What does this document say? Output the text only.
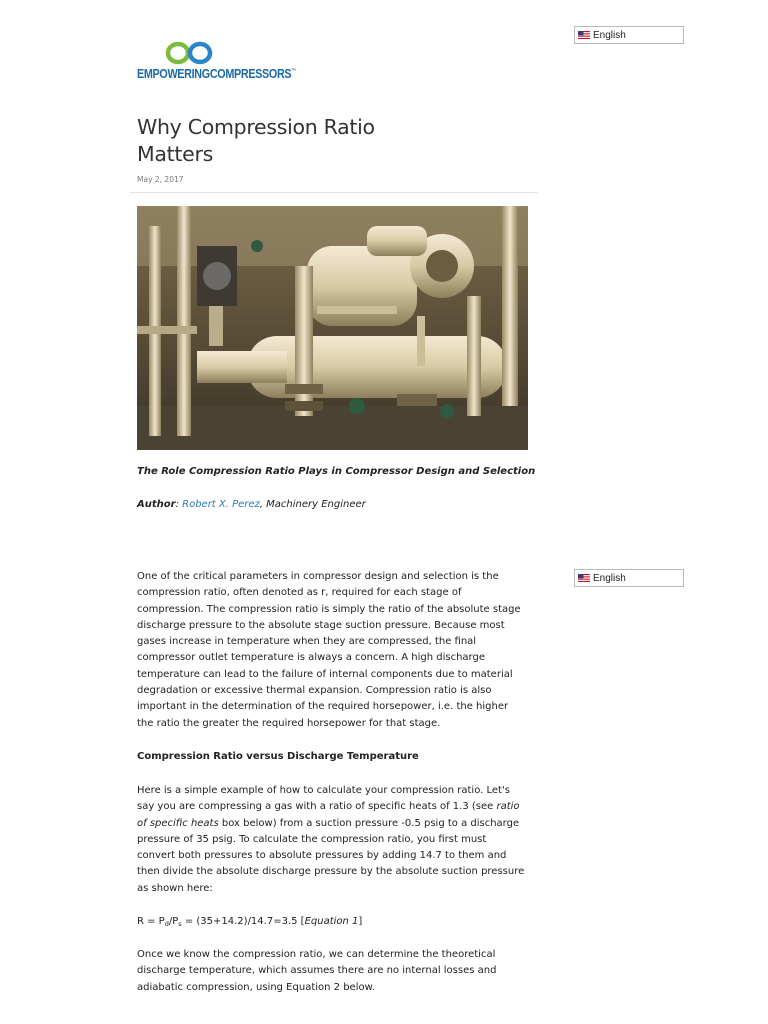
English
English
EMPOWERINGCOMPRESSORS™
Why Compression Ratio Matters
May 2, 2017
The Role Compression Ratio Plays in Compressor Design and Selection
Author: Robert X. Perez, Machinery Engineer

One of the critical parameters in compressor design and selection is the compression ratio, often denoted as r, required for each stage of compression. The compression ratio is simply the ratio of the absolute stage discharge pressure to the absolute stage suction pressure. Because most gases increase in temperature when they are compressed, the final compressor outlet temperature is always a concern. A high discharge temperature can lead to the failure of internal components due to material degradation or excessive thermal expansion. Compression ratio is also important in the determination of the required horsepower, i.e. the higher the ratio the greater the required horsepower for that stage.

Compression Ratio versus Discharge Temperature

Here is a simple example of how to calculate your compression ratio. Let's say you are compressing a gas with a ratio of specific heats of 1.3 (see ratio of specific heats box below) from a suction pressure -0.5 psig to a discharge pressure of 35 psig. To calculate the compression ratio, you first must convert both pressures to absolute pressures by adding 14.7 to them and then divide the absolute discharge pressure by the absolute suction pressure as shown here:

$R = P_d/P_s = (35+14.2)/14.7=3.5$ [Equation 1]

Once we know the compression ratio, we can determine the theoretical discharge temperature, which assumes there are no internal losses and adiabatic compression, using Equation 2 below.
